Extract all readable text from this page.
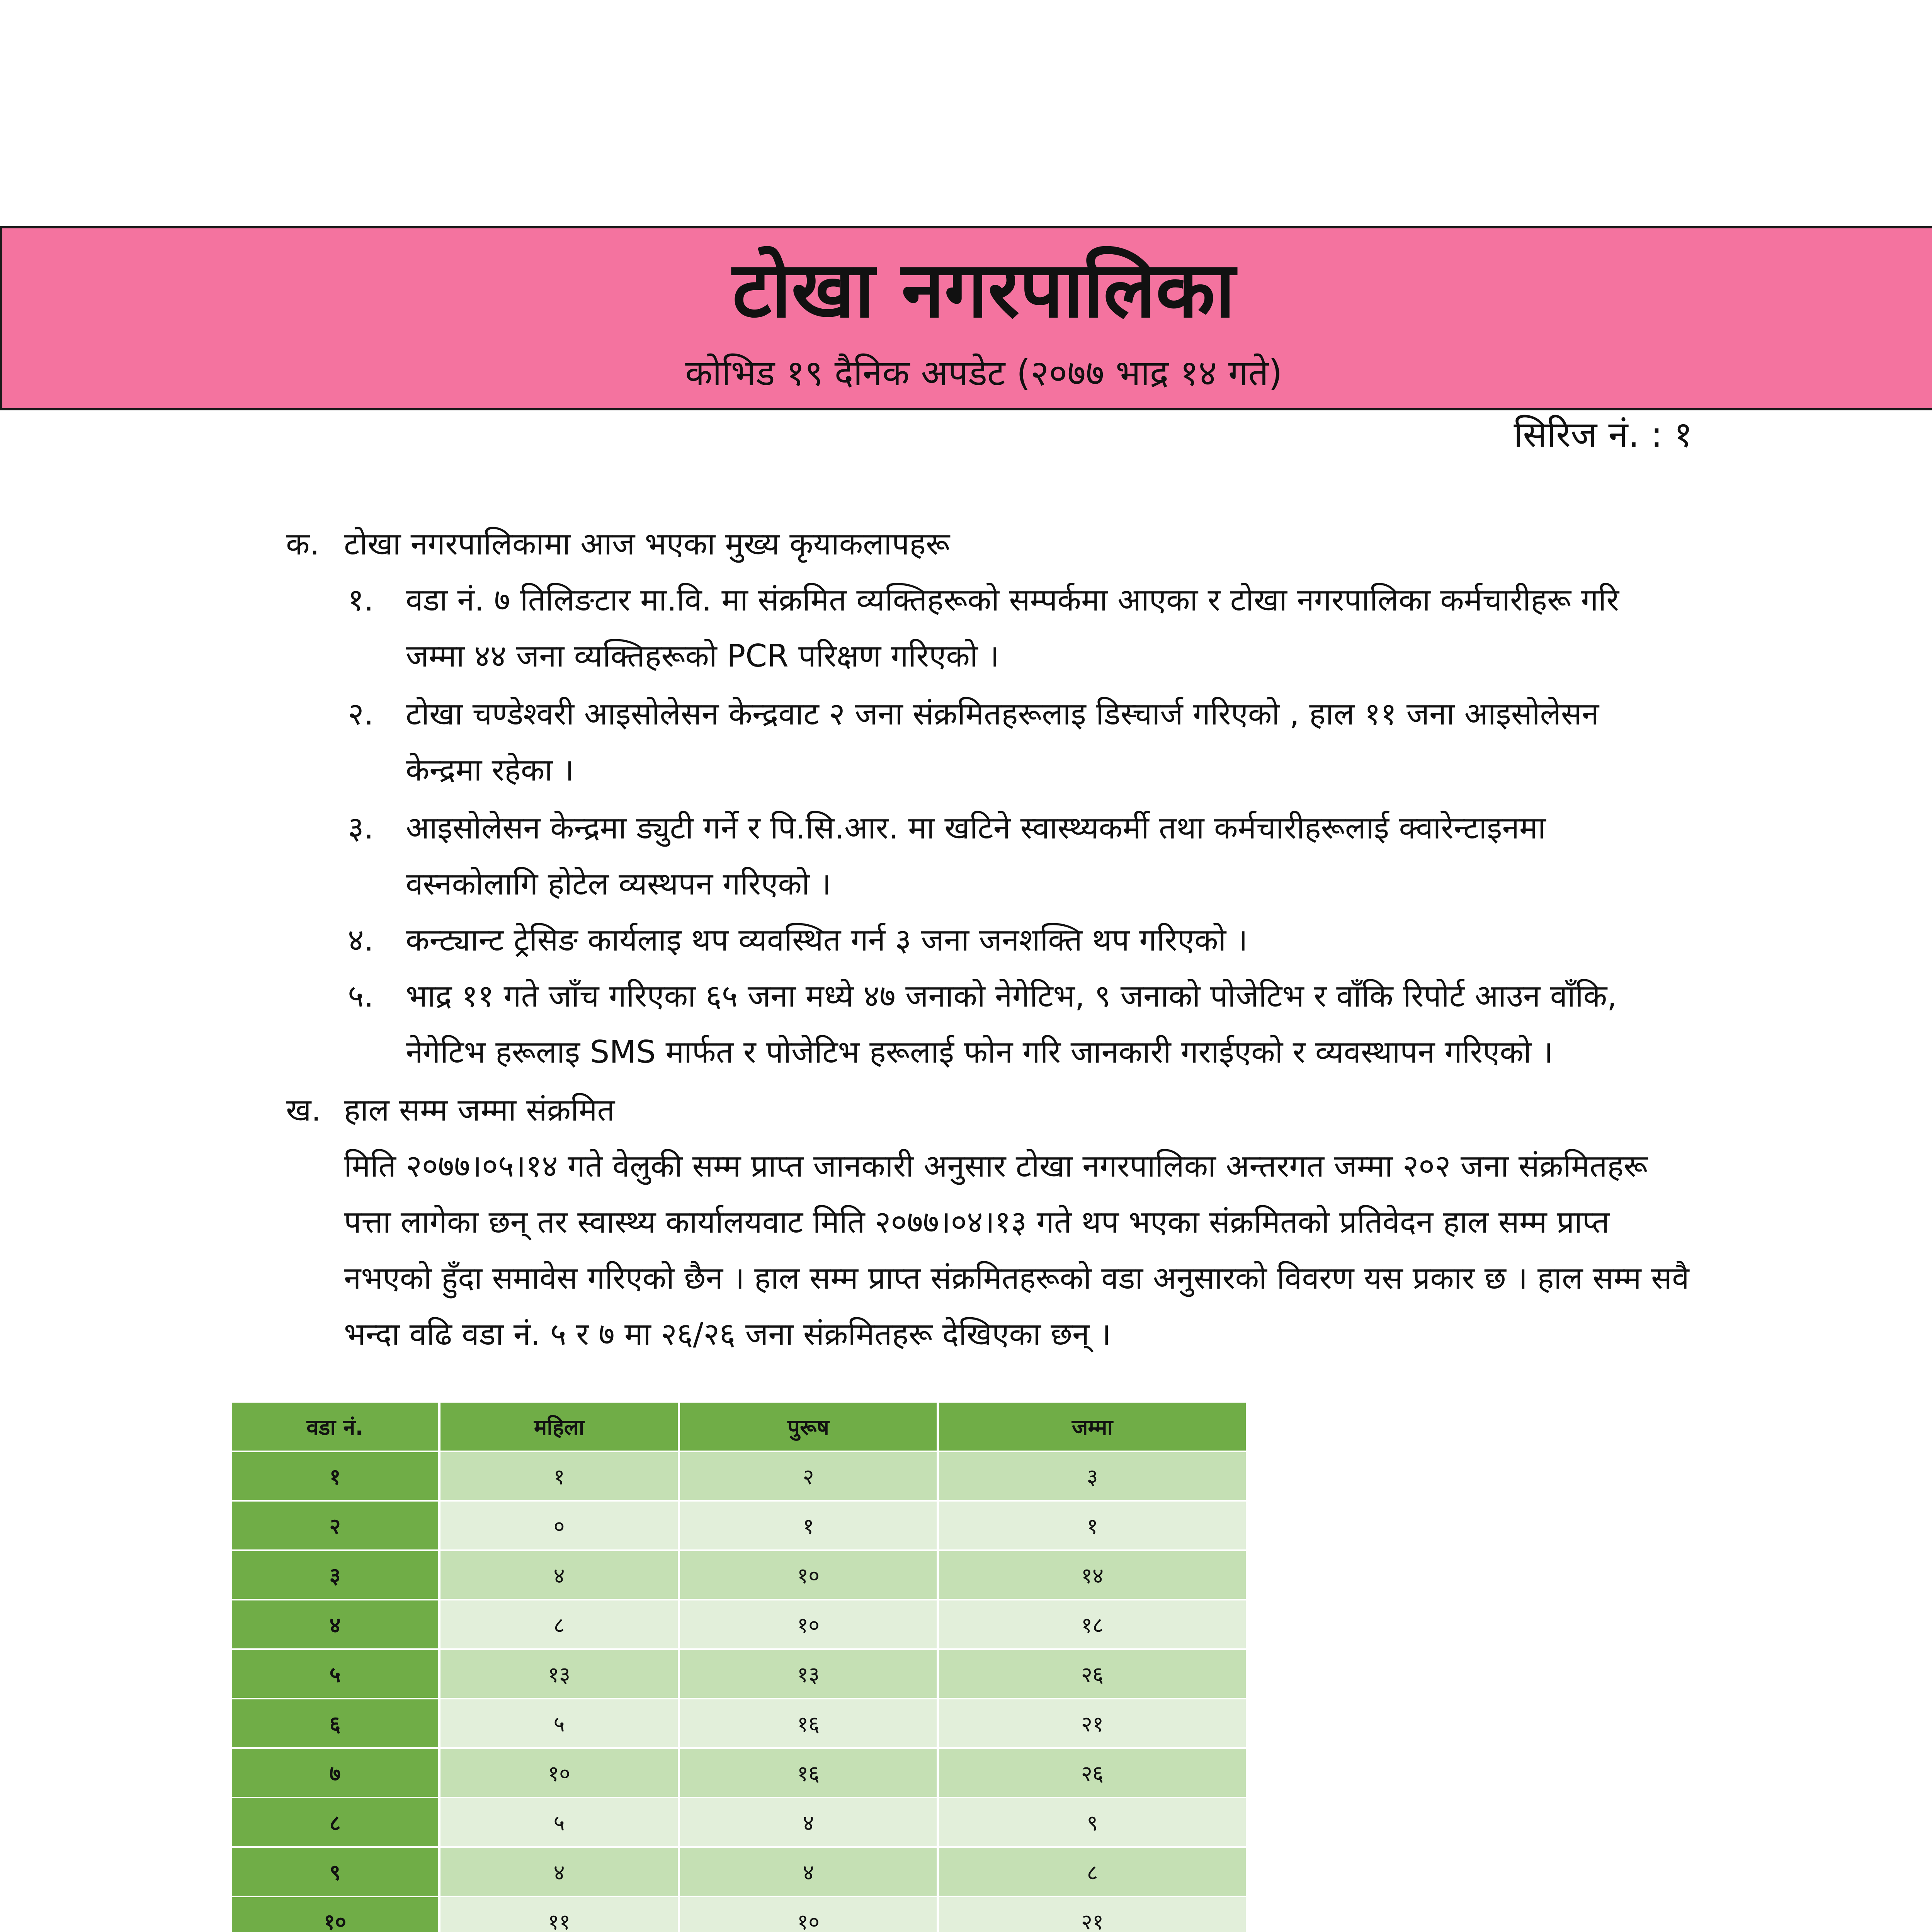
टोखा नगरपालिका
कोभिड १९ दैनिक अपडेट (२०७७ भाद्र १४ गते)
सिरिज नं. : १
क. टोखा नगरपालिकामा आज भएका मुख्य कृयाकलापहरू
१. वडा नं. ७ तिलिङटार मा.वि. मा संक्रमित व्यक्तिहरूको सम्पर्कमा आएका र टोखा नगरपालिका कर्मचारीहरू गरि
जम्मा ४४ जना व्यक्तिहरूको PCR परिक्षण गरिएको ।
२. टोखा चण्डेश्वरी आइसोलेसन केन्द्रवाट २ जना संक्रमितहरूलाइ डिस्चार्ज गरिएको , हाल ११ जना आइसोलेसन
केन्द्रमा रहेका ।
३. आइसोलेसन केन्द्रमा ड्युटी गर्ने र पि.सि.आर. मा खटिने स्वास्थ्यकर्मी तथा कर्मचारीहरूलाई क्वारेन्टाइनमा
वस्नकोलागि होटेल व्यस्थपन गरिएको ।
४. कन्ट्यान्ट ट्रेसिङ कार्यलाइ थप व्यवस्थित गर्न ३ जना जनशक्ति थप गरिएको ।
५. भाद्र ११ गते जाँच गरिएका ६५ जना मध्ये ४७ जनाको नेगेटिभ, ९ जनाको पोजेटिभ र वाँकि रिपोर्ट आउन वाँकि,
नेगेटिभ हरूलाइ SMS मार्फत र पोजेटिभ हरूलाई फोन गरि जानकारी गराईएको र व्यवस्थापन गरिएको ।
ख. हाल सम्म जम्मा संक्रमित
मिति २०७७।०५।१४ गते वेलुकी सम्म प्राप्त जानकारी अनुसार टोखा नगरपालिका अन्तरगत जम्मा २०२ जना संक्रमितहरू
पत्ता लागेका छन् तर स्वास्थ्य कार्यालयवाट मिति २०७७।०४।१३ गते थप भएका संक्रमितको प्रतिवेदन हाल सम्म प्राप्त
नभएको हुँदा समावेस गरिएको छैन । हाल सम्म प्राप्त संक्रमितहरूको वडा अनुसारको विवरण यस प्रकार छ । हाल सम्म सवै
भन्दा वढि वडा नं. ५ र ७ मा २६/२६ जना संक्रमितहरू देखिएका छन् ।
वडा नं.	महिला	पुरूष	जम्मा
१	१	२	३
२	०	१	१
३	४	१०	१४
४	८	१०	१८
५	१३	१३	२६
६	५	१६	२१
७	१०	१६	२६
८	५	४	९
९	४	४	८
१०	११	१०	२१
